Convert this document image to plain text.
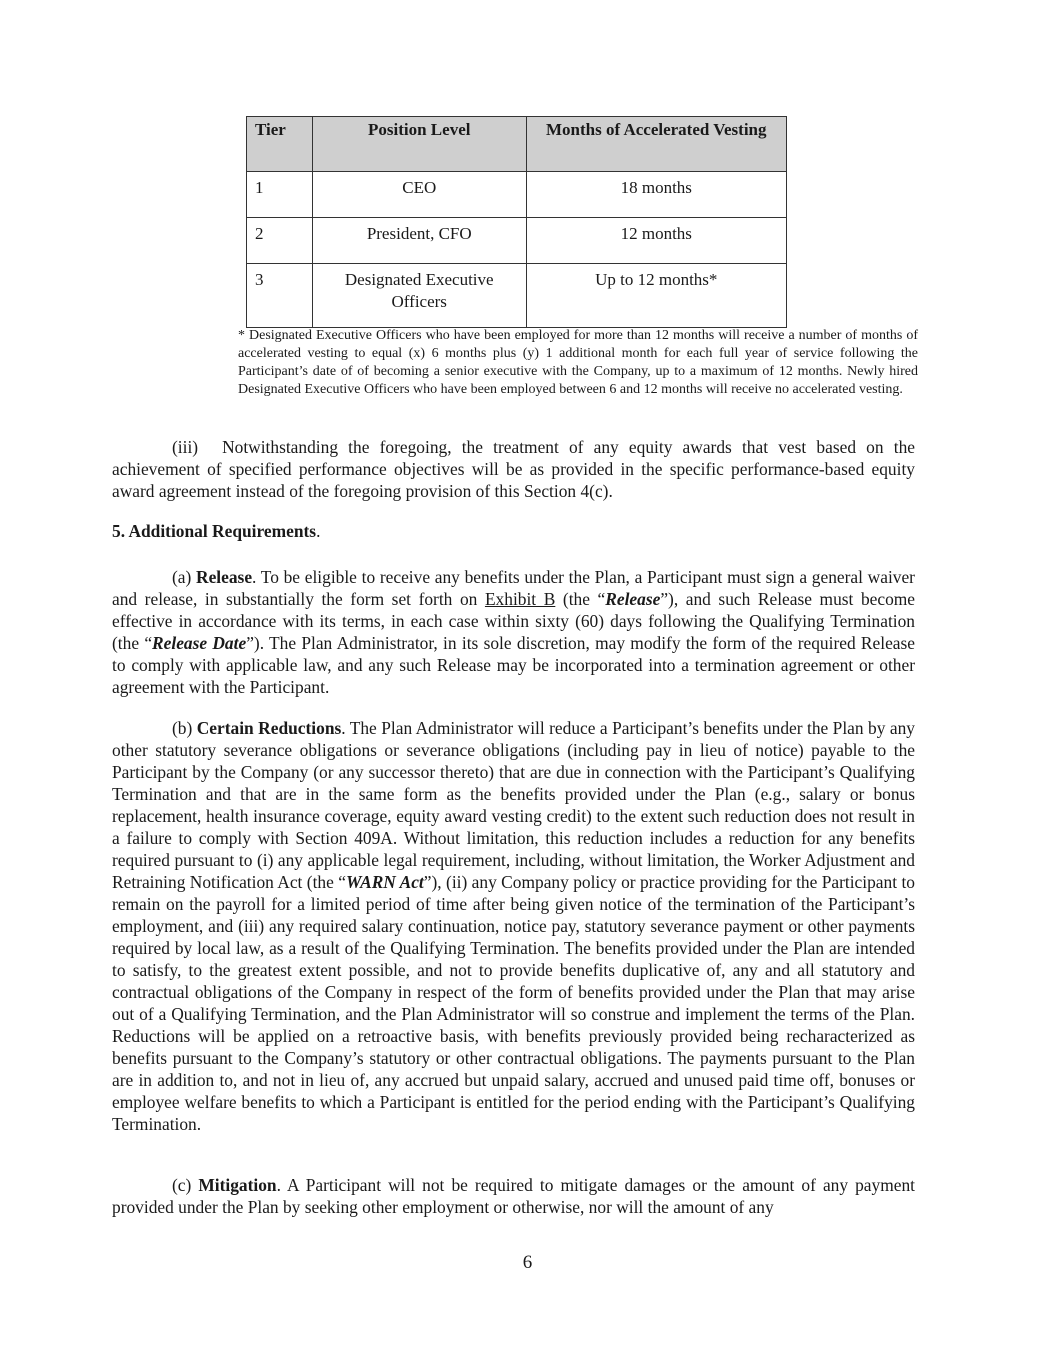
Tier	Position Level	Months of Accelerated Vesting
1	CEO	18 months
2	President, CFO	12 months
3	Designated Executive Officers	Up to 12 months*
* Designated Executive Officers who have been employed for more than 12 months will receive a number of months of accelerated vesting to equal (x) 6 months plus (y) 1 additional month for each full year of service following the Participant’s date of of becoming a senior executive with the Company, up to a maximum of 12 months. Newly hired Designated Executive Officers who have been employed between 6 and 12 months will receive no accelerated vesting.
(iii) Notwithstanding the foregoing, the treatment of any equity awards that vest based on the achievement of specified performance objectives will be as provided in the specific performance-based equity award agreement instead of the foregoing provision of this Section 4(c).
5. Additional Requirements.
(a) Release. To be eligible to receive any benefits under the Plan, a Participant must sign a general waiver and release, in substantially the form set forth on Exhibit B (the “Release”), and such Release must become effective in accordance with its terms, in each case within sixty (60) days following the Qualifying Termination (the “Release Date”). The Plan Administrator, in its sole discretion, may modify the form of the required Release to comply with applicable law, and any such Release may be incorporated into a termination agreement or other agreement with the Participant.
(b) Certain Reductions. The Plan Administrator will reduce a Participant’s benefits under the Plan by any other statutory severance obligations or severance obligations (including pay in lieu of notice) payable to the Participant by the Company (or any successor thereto) that are due in connection with the Participant’s Qualifying Termination and that are in the same form as the benefits provided under the Plan (e.g., salary or bonus replacement, health insurance coverage, equity award vesting credit) to the extent such reduction does not result in a failure to comply with Section 409A. Without limitation, this reduction includes a reduction for any benefits required pursuant to (i) any applicable legal requirement, including, without limitation, the Worker Adjustment and Retraining Notification Act (the “WARN Act”), (ii) any Company policy or practice providing for the Participant to remain on the payroll for a limited period of time after being given notice of the termination of the Participant’s employment, and (iii) any required salary continuation, notice pay, statutory severance payment or other payments required by local law, as a result of the Qualifying Termination. The benefits provided under the Plan are intended to satisfy, to the greatest extent possible, and not to provide benefits duplicative of, any and all statutory and contractual obligations of the Company in respect of the form of benefits provided under the Plan that may arise out of a Qualifying Termination, and the Plan Administrator will so construe and implement the terms of the Plan. Reductions will be applied on a retroactive basis, with benefits previously provided being recharacterized as benefits pursuant to the Company’s statutory or other contractual obligations. The payments pursuant to the Plan are in addition to, and not in lieu of, any accrued but unpaid salary, accrued and unused paid time off, bonuses or employee welfare benefits to which a Participant is entitled for the period ending with the Participant’s Qualifying Termination.
(c) Mitigation. A Participant will not be required to mitigate damages or the amount of any payment provided under the Plan by seeking other employment or otherwise, nor will the amount of any
6
